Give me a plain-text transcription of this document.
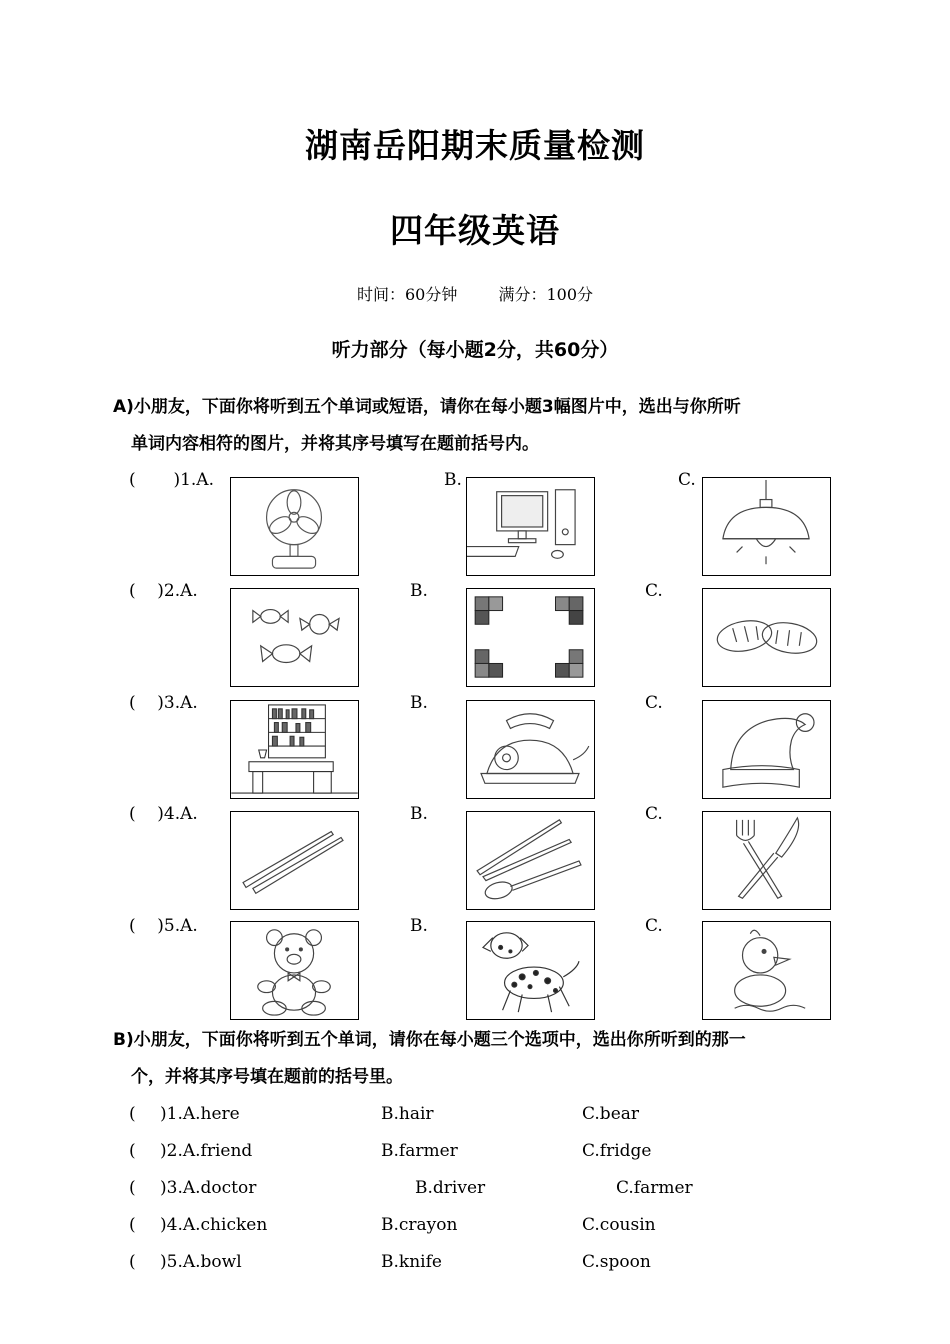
湖南岳阳期末质量检测
四年级英语
时间：60分钟	满分：100分
听力部分（每小题2分，共60分）
A)小朋友，下面你将听到五个单词或短语，请你在每小题3幅图片中，选出与你所听
单词内容相符的图片，并将其序号填写在题前括号内。
(       )1.A.	B.	C.
(    )2.A.	B.	C.
(    )3.A.	B.	C.
(    )4.A.	B.	C.
(    )5.A.	B.	C.
B)小朋友，下面你将听到五个单词，请你在每小题三个选项中，选出你所听到的那一
个，并将其序号填在题前的括号里。
( )1.A.here	B.hair	C.bear
( )2.A.friend	B.farmer	C.fridge
( )3.A.doctor	B.driver	C.farmer
( )4.A.chicken	B.crayon	C.cousin
( )5.A.bowl	B.knife	C.spoon
